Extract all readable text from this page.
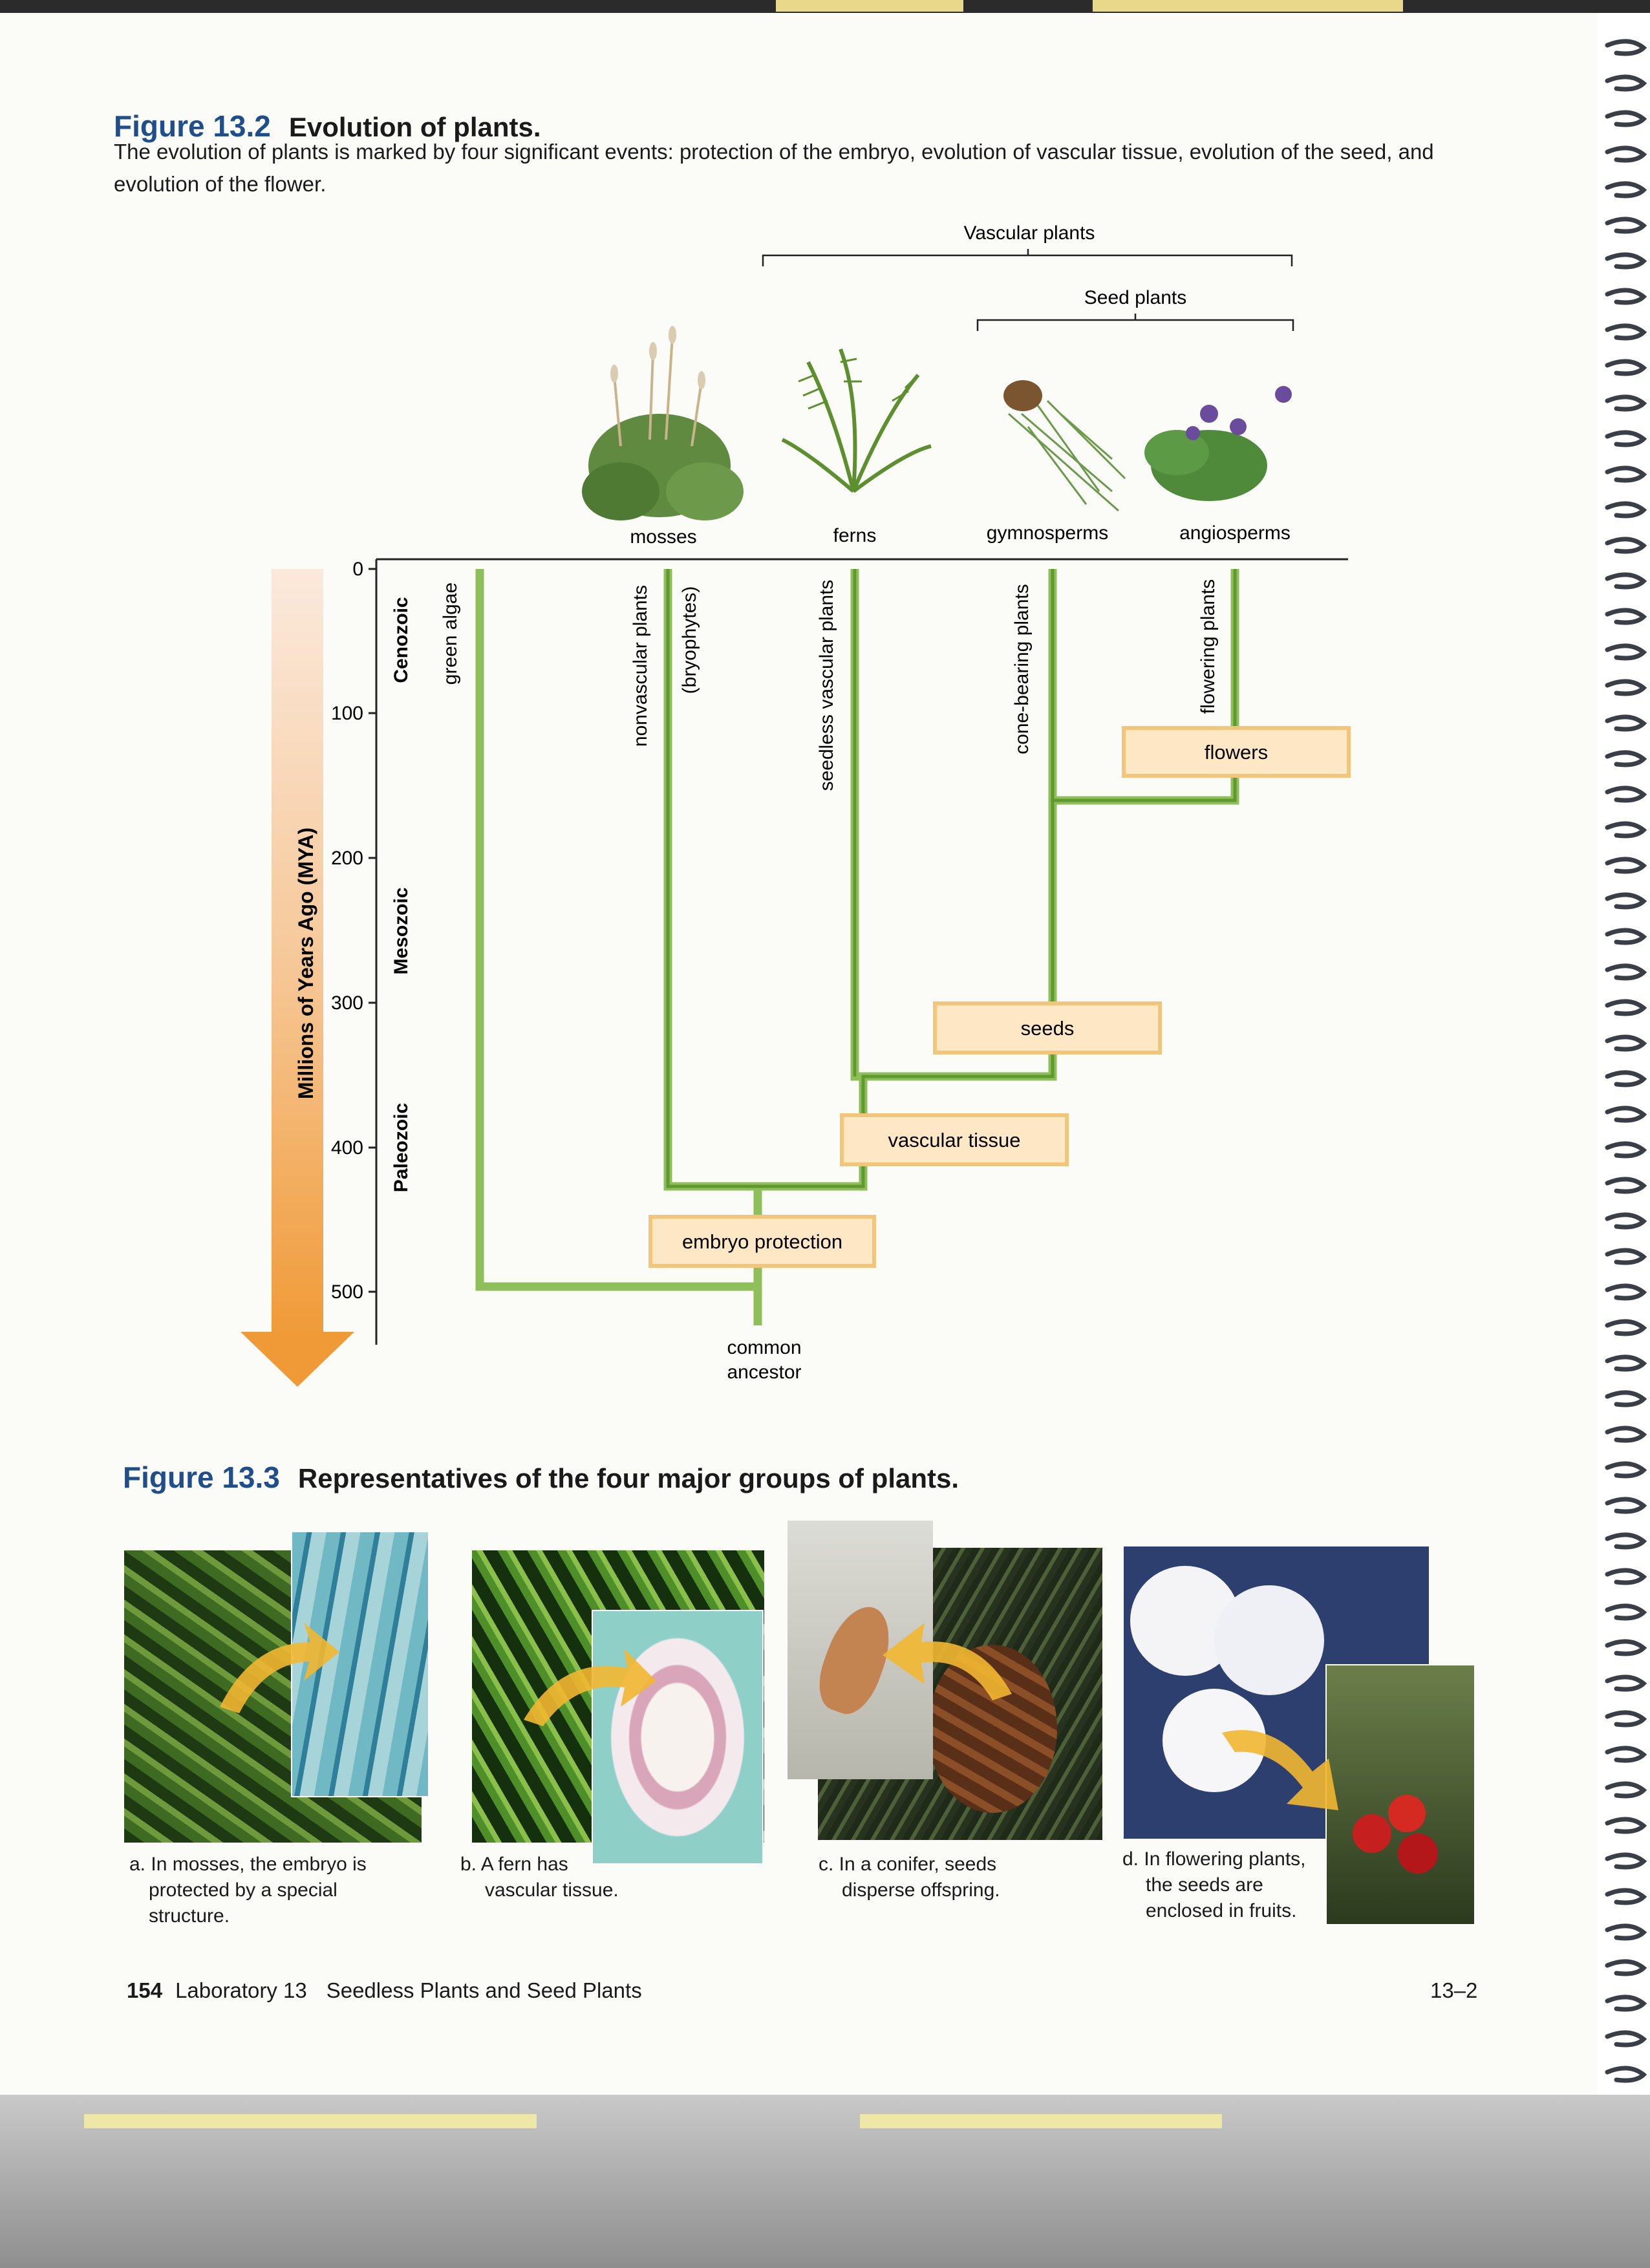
Figure 13.2 Evolution of plants.
The evolution of plants is marked by four significant events: protection of the embryo, evolution of vascular tissue, evolution of the seed, and evolution of the flower.
Millions of Years Ago (MYA)
0
100
200
300
400
500
Cenozoic
Mesozoic
Paleozoic
Vascular plants
Seed plants
mosses	ferns	gymnosperms	angiosperms
green algae	nonvascular plants (bryophytes)	seedless vascular plants	cone-bearing plants	flowering plants
flowers
seeds
vascular tissue
embryo protection
common
ancestor
Figure 13.3 Representatives of the four major groups of plants.
a. In mosses, the embryo is
protected by a special
structure.
b. A fern has
vascular tissue.
c. In a conifer, seeds
disperse offspring.
d. In flowering plants,
the seeds are
enclosed in fruits.
154 Laboratory 13 Seedless Plants and Seed Plants	13–2
